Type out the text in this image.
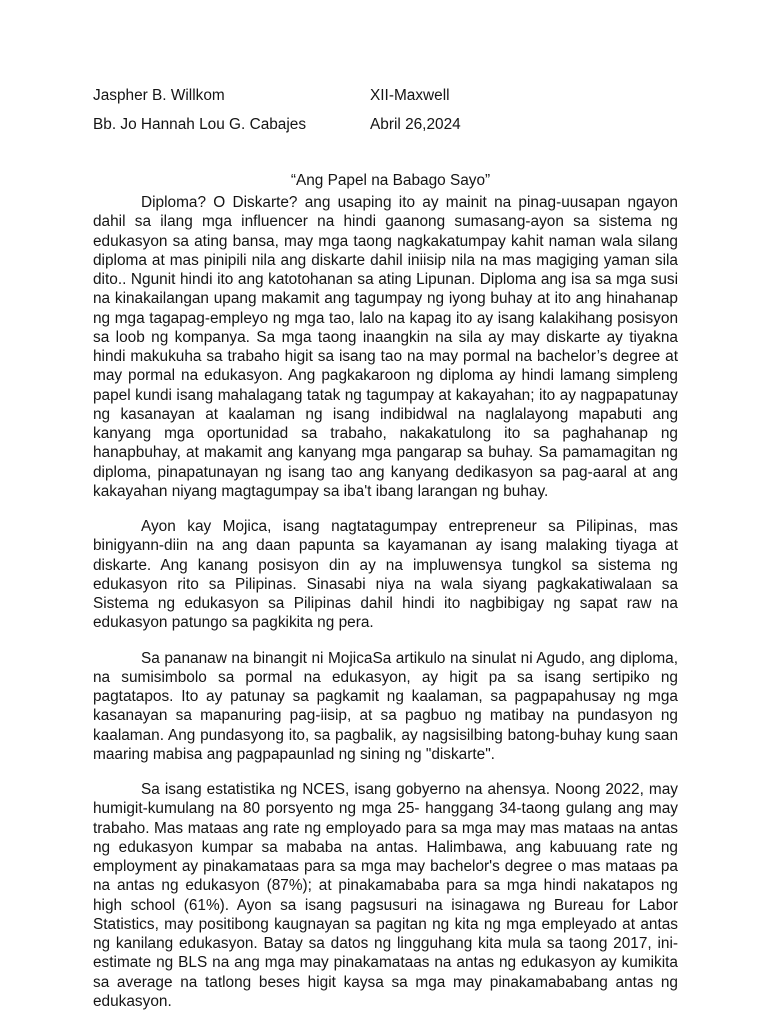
Jaspher B. Willkom	XII-Maxwell
Bb. Jo Hannah Lou G. Cabajes	Abril 26,2024
“Ang Papel na Babago Sayo”

Diploma? O Diskarte? ang usaping ito ay mainit na pinag-uusapan ngayon dahil sa ilang mga influencer na hindi gaanong sumasang-ayon sa sistema ng edukasyon sa ating bansa, may mga taong nagkakatumpay kahit naman wala silang diploma at mas pinipili nila ang diskarte dahil iniisip nila na mas magiging yaman sila dito.. Ngunit hindi ito ang katotohanan sa ating Lipunan. Diploma ang isa sa mga susi na kinakailangan upang makamit ang tagumpay ng iyong buhay at ito ang hinahanap ng mga tagapag-empleyo ng mga tao, lalo na kapag ito ay isang kalakihang posisyon sa loob ng kompanya. Sa mga taong inaangkin na sila ay may diskarte ay tiyakna hindi makukuha sa trabaho higit sa isang tao na may pormal na bachelor’s degree at may pormal na edukasyon. Ang pagkakaroon ng diploma ay hindi lamang simpleng papel kundi isang mahalagang tatak ng tagumpay at kakayahan; ito ay nagpapatunay ng kasanayan at kaalaman ng isang indibidwal na naglalayong mapabuti ang kanyang mga oportunidad sa trabaho, nakakatulong ito sa paghahanap ng hanapbuhay, at makamit ang kanyang mga pangarap sa buhay. Sa pamamagitan ng diploma, pinapatunayan ng isang tao ang kanyang dedikasyon sa pag-aaral at ang kakayahan niyang magtagumpay sa iba't ibang larangan ng buhay.

Ayon kay Mojica, isang nagtatagumpay entrepreneur sa Pilipinas, mas binigyann-diin na ang daan papunta sa kayamanan ay isang malaking tiyaga at diskarte. Ang kanang posisyon din ay na impluwensya tungkol sa sistema ng edukasyon rito sa Pilipinas. Sinasabi niya na wala siyang pagkakatiwalaan sa Sistema ng edukasyon sa Pilipinas dahil hindi ito nagbibigay ng sapat raw na edukasyon patungo sa pagkikita ng pera.

Sa pananaw na binangit ni MojicaSa artikulo na sinulat ni Agudo, ang diploma, na sumisimbolo sa pormal na edukasyon, ay higit pa sa isang sertipiko ng pagtatapos. Ito ay patunay sa pagkamit ng kaalaman, sa pagpapahusay ng mga kasanayan sa mapanuring pag-iisip, at sa pagbuo ng matibay na pundasyon ng kaalaman. Ang pundasyong ito, sa pagbalik, ay nagsisilbing batong-buhay kung saan maaring mabisa ang pagpapaunlad ng sining ng "diskarte".

Sa isang estatistika ng NCES, isang gobyerno na ahensya. Noong 2022, may humigit-kumulang na 80 porsyento ng mga 25- hanggang 34-taong gulang ang may trabaho. Mas mataas ang rate ng employado para sa mga may mas mataas na antas ng edukasyon kumpar sa mababa na antas. Halimbawa, ang kabuuang rate ng employment ay pinakamataas para sa mga may bachelor's degree o mas mataas pa na antas ng edukasyon (87%); at pinakamababa para sa mga hindi nakatapos ng high school (61%). Ayon sa isang pagsusuri na isinagawa ng Bureau for Labor Statistics, may positibong kaugnayan sa pagitan ng kita ng mga empleyado at antas ng kanilang edukasyon. Batay sa datos ng lingguhang kita mula sa taong 2017, ini-estimate ng BLS na ang mga may pinakamataas na antas ng edukasyon ay kumikita sa average na tatlong beses higit kaysa sa mga may pinakamababang antas ng edukasyon.
